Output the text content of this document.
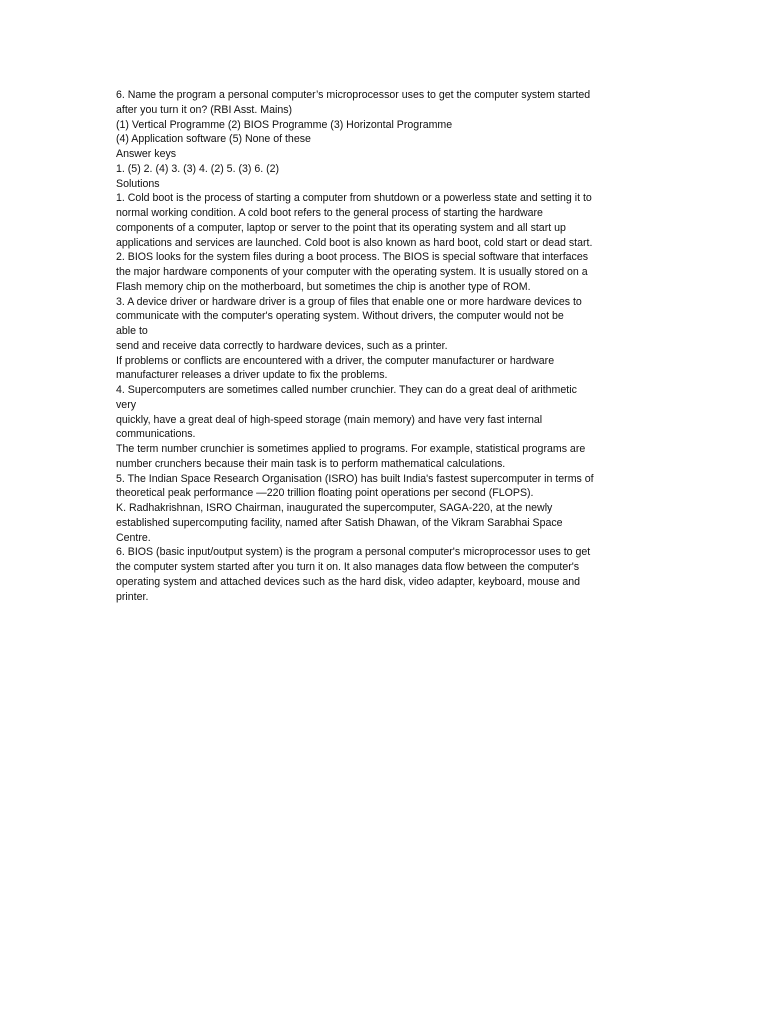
6. Name the program a personal computer’s microprocessor uses to get the computer system started
after you turn it on? (RBI Asst. Mains)
(1) Vertical Programme (2) BIOS Programme (3) Horizontal Programme
(4) Application software (5) None of these
Answer keys
1. (5) 2. (4) 3. (3) 4. (2) 5. (3) 6. (2)
Solutions
1. Cold boot is the process of starting a computer from shutdown or a powerless state and setting it to
normal working condition. A cold boot refers to the general process of starting the hardware
components of a computer, laptop or server to the point that its operating system and all start up
applications and services are launched. Cold boot is also known as hard boot, cold start or dead start.
2. BIOS looks for the system files during a boot process. The BIOS is special software that interfaces
the major hardware components of your computer with the operating system. It is usually stored on a
Flash memory chip on the motherboard, but sometimes the chip is another type of ROM.
3. A device driver or hardware driver is a group of files that enable one or more hardware devices to
communicate with the computer's operating system. Without drivers, the computer would not be
able to
send and receive data correctly to hardware devices, such as a printer.
If problems or conflicts are encountered with a driver, the computer manufacturer or hardware
manufacturer releases a driver update to fix the problems.
4. Supercomputers are sometimes called number crunchier. They can do a great deal of arithmetic
very
quickly, have a great deal of high-speed storage (main memory) and have very fast internal
communications.
The term number crunchier is sometimes applied to programs. For example, statistical programs are
number crunchers because their main task is to perform mathematical calculations.
5. The Indian Space Research Organisation (ISRO) has built India's fastest supercomputer in terms of
theoretical peak performance —220 trillion floating point operations per second (FLOPS).
K. Radhakrishnan, ISRO Chairman, inaugurated the supercomputer, SAGA-220, at the newly
established supercomputing facility, named after Satish Dhawan, of the Vikram Sarabhai Space
Centre.
6. BIOS (basic input/output system) is the program a personal computer's microprocessor uses to get
the computer system started after you turn it on. It also manages data flow between the computer's
operating system and attached devices such as the hard disk, video adapter, keyboard, mouse and
printer.
